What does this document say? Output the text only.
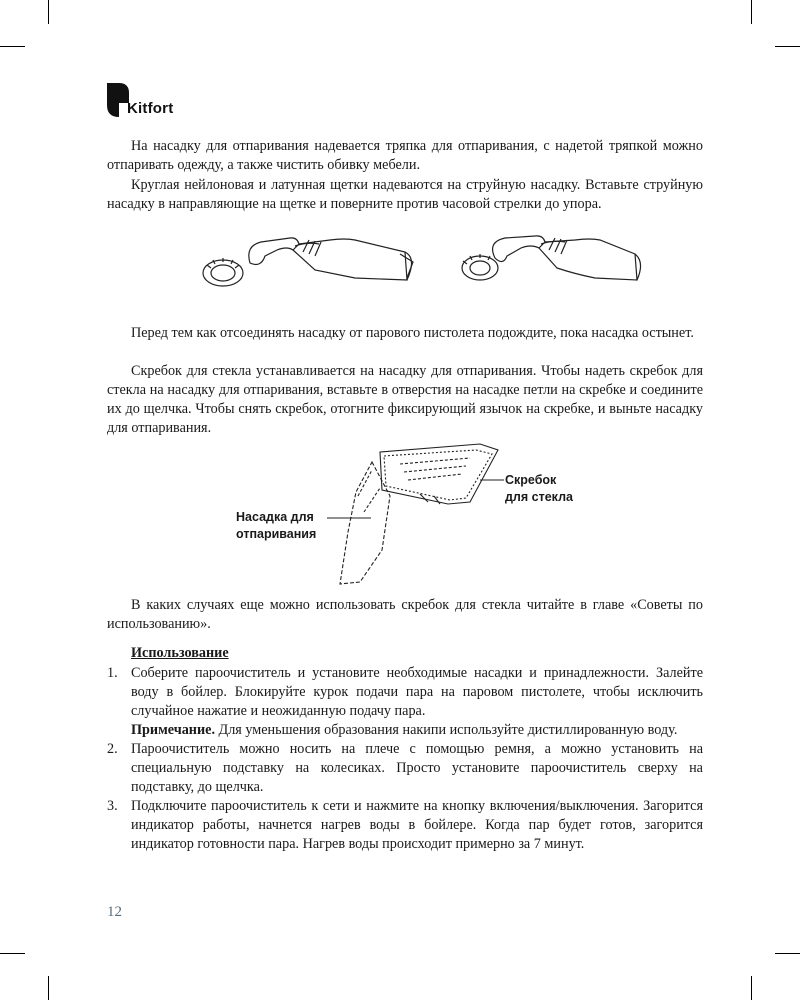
Kitfort

На насадку для отпаривания надевается тряпка для отпаривания, с надетой тряпкой можно отпаривать одежду, а также чистить обивку мебели.

Круглая нейлоновая и латунная щетки надеваются на струйную насадку. Вставьте струйную насадку в направляющие на щетке и поверните против часовой стрелки до упора.

Перед тем как отсоединять насадку от парового пистолета подождите, пока насадка остынет.

Скребок для стекла устанавливается на насадку для отпаривания. Чтобы надеть скребок для стекла на насадку для отпаривания, вставьте в отверстия на насадке петли на скребке и соедините их до щелчка. Чтобы снять скребок, отогните фиксирующий язычок на скребке, и выньте насадку для отпаривания.

Скребок
для стекла
Насадка для
отпаривания

В каких случаях еще можно использовать скребок для стекла читайте в главе «Советы по использованию».

Использование

1. Соберите пароочиститель и установите необходимые насадки и принадлежности. Залейте воду в бойлер. Блокируйте курок подачи пара на паровом пистолете, чтобы исключить случайное нажатие и неожиданную подачу пара.

Примечание. Для уменьшения образования накипи используйте дистиллированную воду.

2. Пароочиститель можно носить на плече с помощью ремня, а можно установить на специальную подставку на колесиках. Просто установите пароочиститель сверху на подставку, до щелчка.
3. Подключите пароочиститель к сети и нажмите на кнопку включения/выключения. Загорится индикатор работы, начнется нагрев воды в бойлере. Когда пар будет готов, загорится индикатор готовности пара. Нагрев воды происходит примерно за 7 минут.
12
